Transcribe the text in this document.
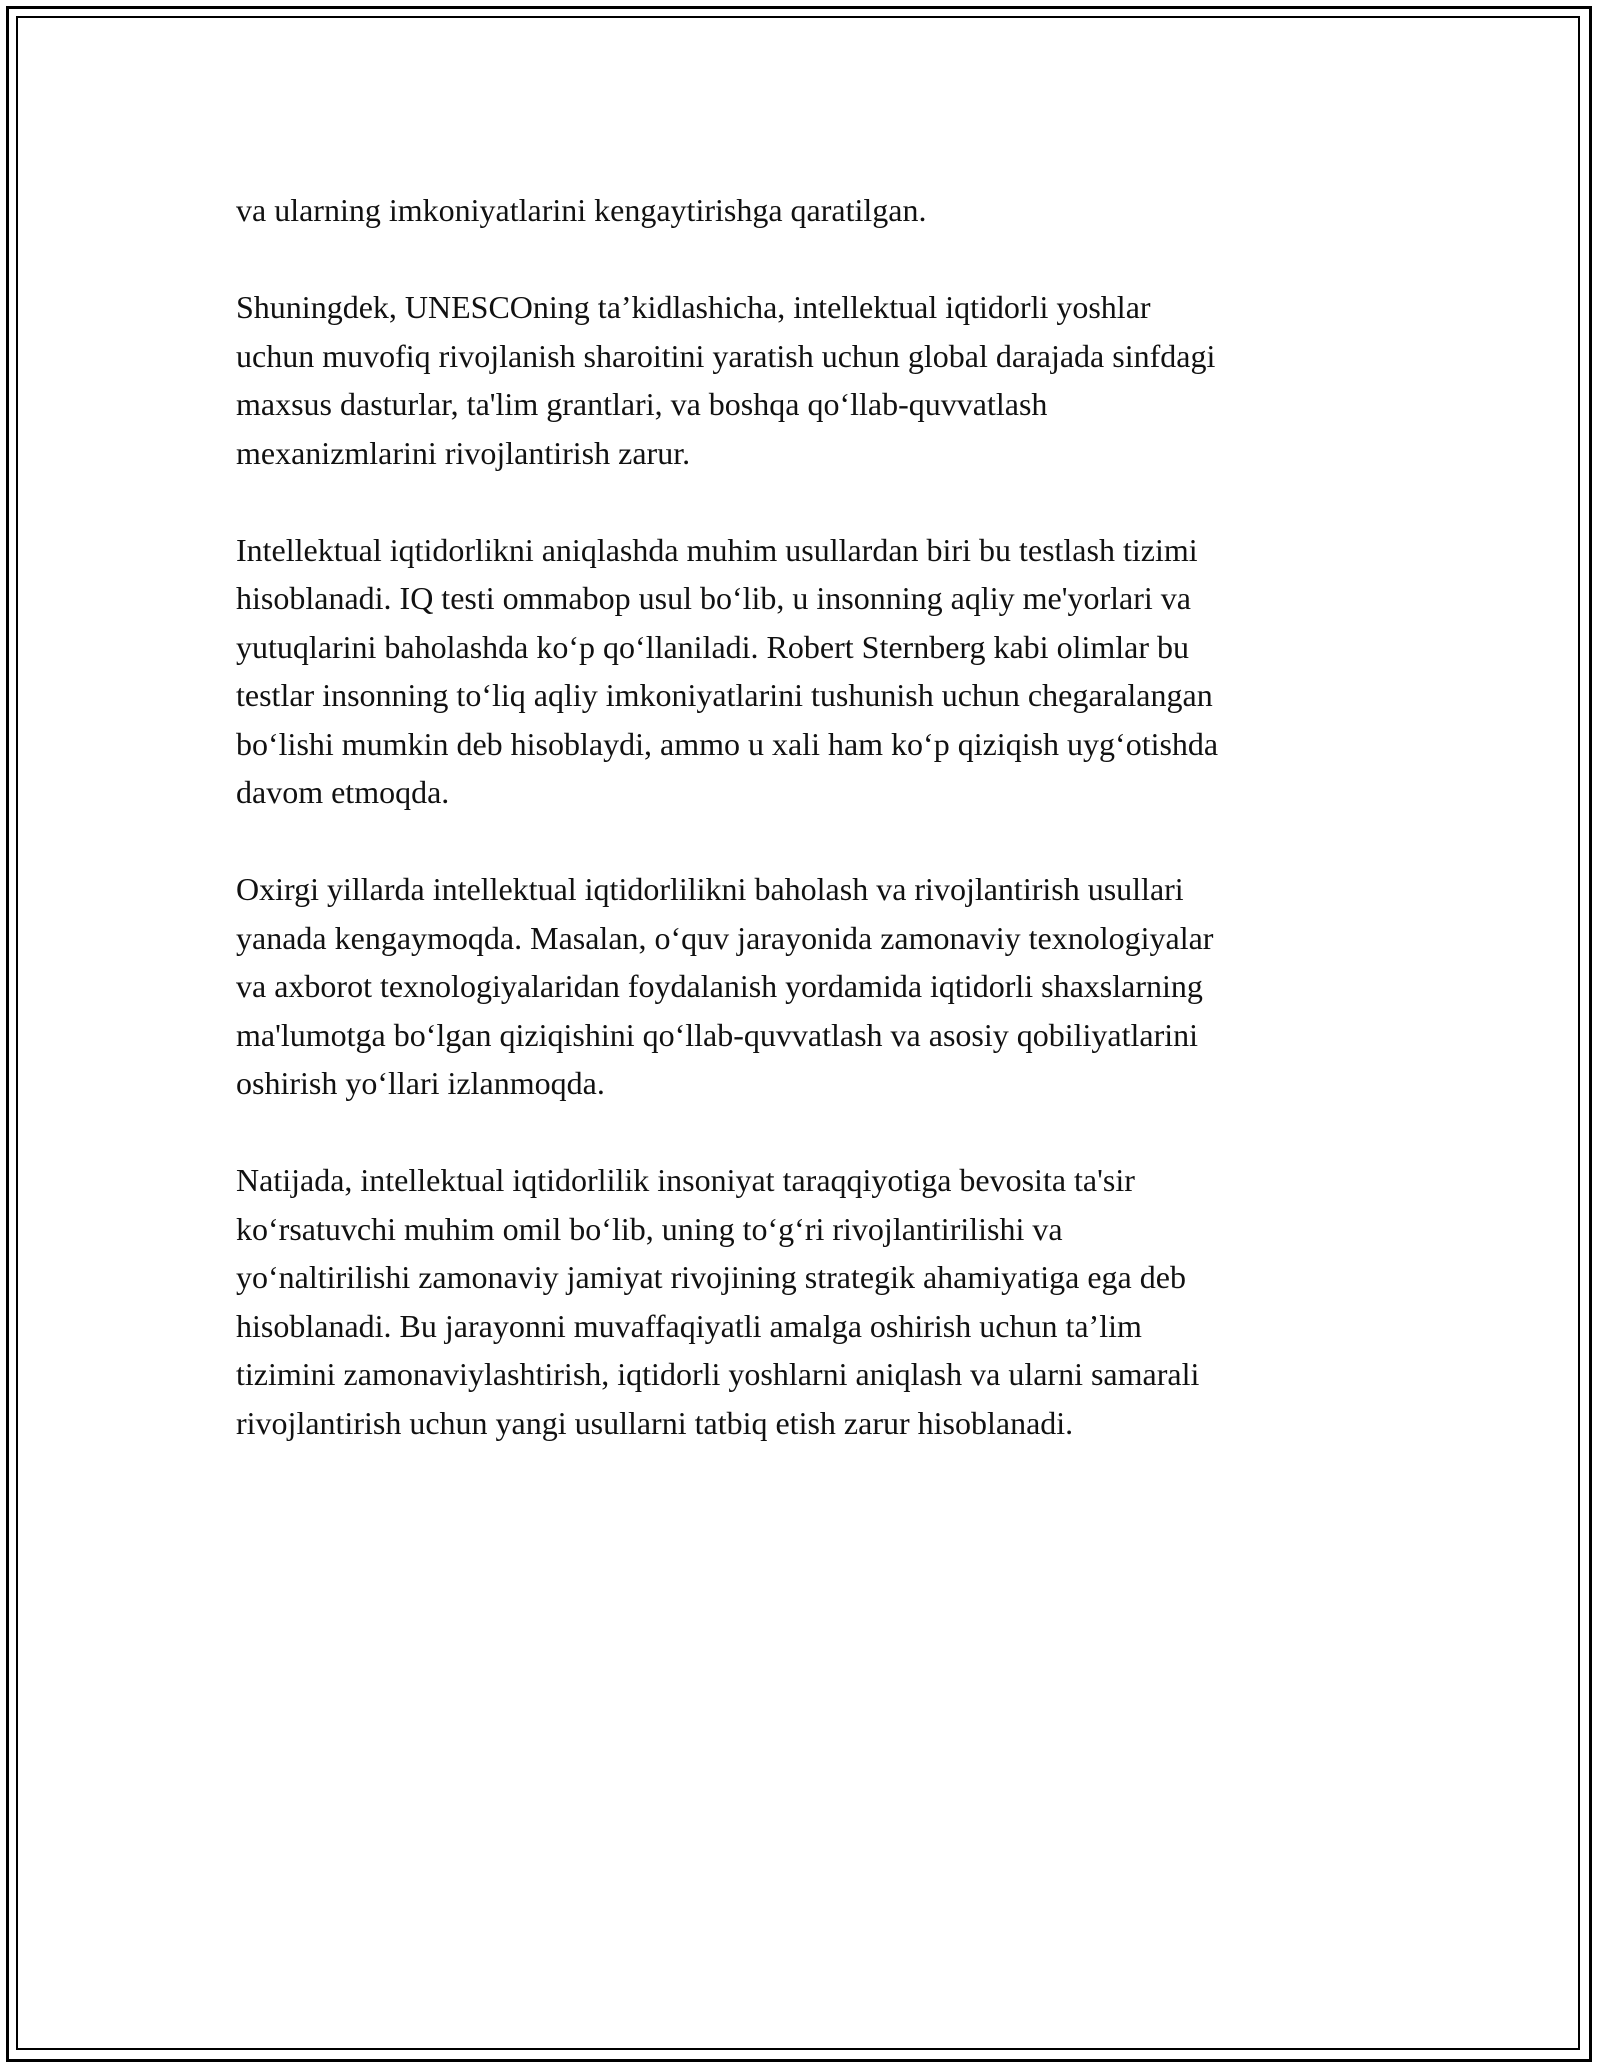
va ularning imkoniyatlarini kengaytirishga qaratilgan.

Shuningdek, UNESCOning ta’kidlashicha, intellektual iqtidorli yoshlar
uchun muvofiq rivojlanish sharoitini yaratish uchun global darajada sinfdagi
maxsus dasturlar, ta'lim grantlari, va boshqa qo‘llab-quvvatlash
mexanizmlarini rivojlantirish zarur.

Intellektual iqtidorlikni aniqlashda muhim usullardan biri bu testlash tizimi
hisoblanadi. IQ testi ommabop usul bo‘lib, u insonning aqliy me'yorlari va
yutuqlarini baholashda ko‘p qo‘llaniladi. Robert Sternberg kabi olimlar bu
testlar insonning to‘liq aqliy imkoniyatlarini tushunish uchun chegaralangan
bo‘lishi mumkin deb hisoblaydi, ammo u xali ham ko‘p qiziqish uyg‘otishda
davom etmoqda.

Oxirgi yillarda intellektual iqtidorlilikni baholash va rivojlantirish usullari
yanada kengaymoqda. Masalan, o‘quv jarayonida zamonaviy texnologiyalar
va axborot texnologiyalaridan foydalanish yordamida iqtidorli shaxslarning
ma'lumotga bo‘lgan qiziqishini qo‘llab-quvvatlash va asosiy qobiliyatlarini
oshirish yo‘llari izlanmoqda.

Natijada, intellektual iqtidorlilik insoniyat taraqqiyotiga bevosita ta'sir
ko‘rsatuvchi muhim omil bo‘lib, uning to‘g‘ri rivojlantirilishi va
yo‘naltirilishi zamonaviy jamiyat rivojining strategik ahamiyatiga ega deb
hisoblanadi. Bu jarayonni muvaffaqiyatli amalga oshirish uchun ta’lim
tizimini zamonaviylashtirish, iqtidorli yoshlarni aniqlash va ularni samarali
rivojlantirish uchun yangi usullarni tatbiq etish zarur hisoblanadi.
